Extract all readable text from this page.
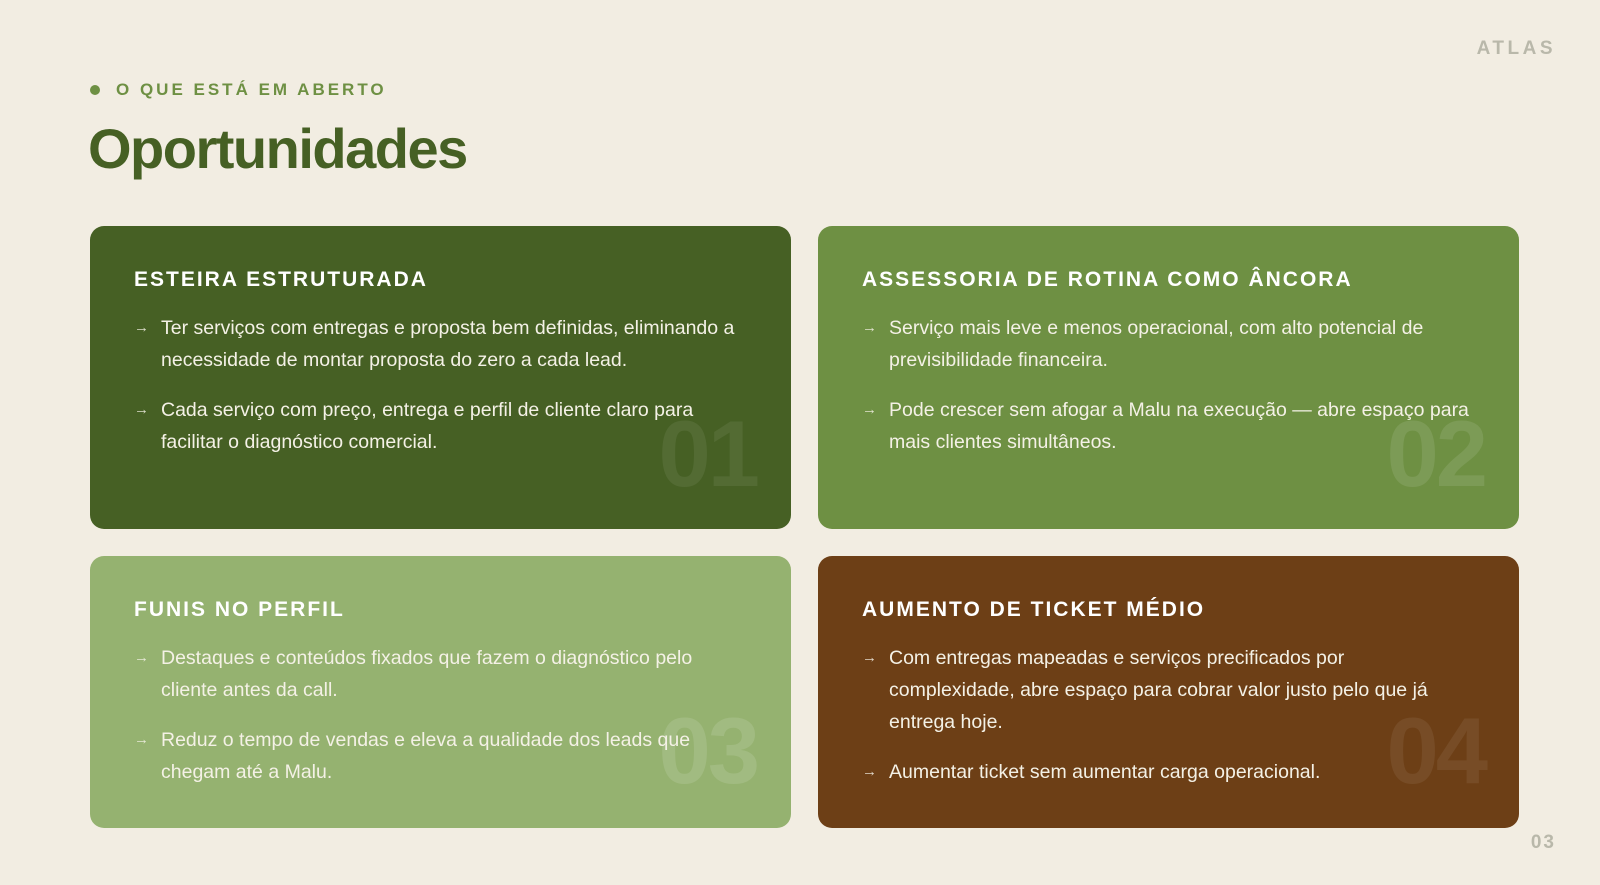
ATLAS
O QUE ESTÁ EM ABERTO
Oportunidades
ESTEIRA ESTRUTURADA
→ Ter serviços com entregas e proposta bem definidas, eliminando a necessidade de montar proposta do zero a cada lead.
→ Cada serviço com preço, entrega e perfil de cliente claro para facilitar o diagnóstico comercial.	01
ASSESSORIA DE ROTINA COMO ÂNCORA
→ Serviço mais leve e menos operacional, com alto potencial de previsibilidade financeira.
→ Pode crescer sem afogar a Malu na execução — abre espaço para mais clientes simultâneos.	02
FUNIS NO PERFIL
→ Destaques e conteúdos fixados que fazem o diagnóstico pelo cliente antes da call.
→ Reduz o tempo de vendas e eleva a qualidade dos leads que chegam até a Malu.	03
AUMENTO DE TICKET MÉDIO
→ Com entregas mapeadas e serviços precificados por complexidade, abre espaço para cobrar valor justo pelo que já entrega hoje.
→ Aumentar ticket sem aumentar carga operacional. 04
03
